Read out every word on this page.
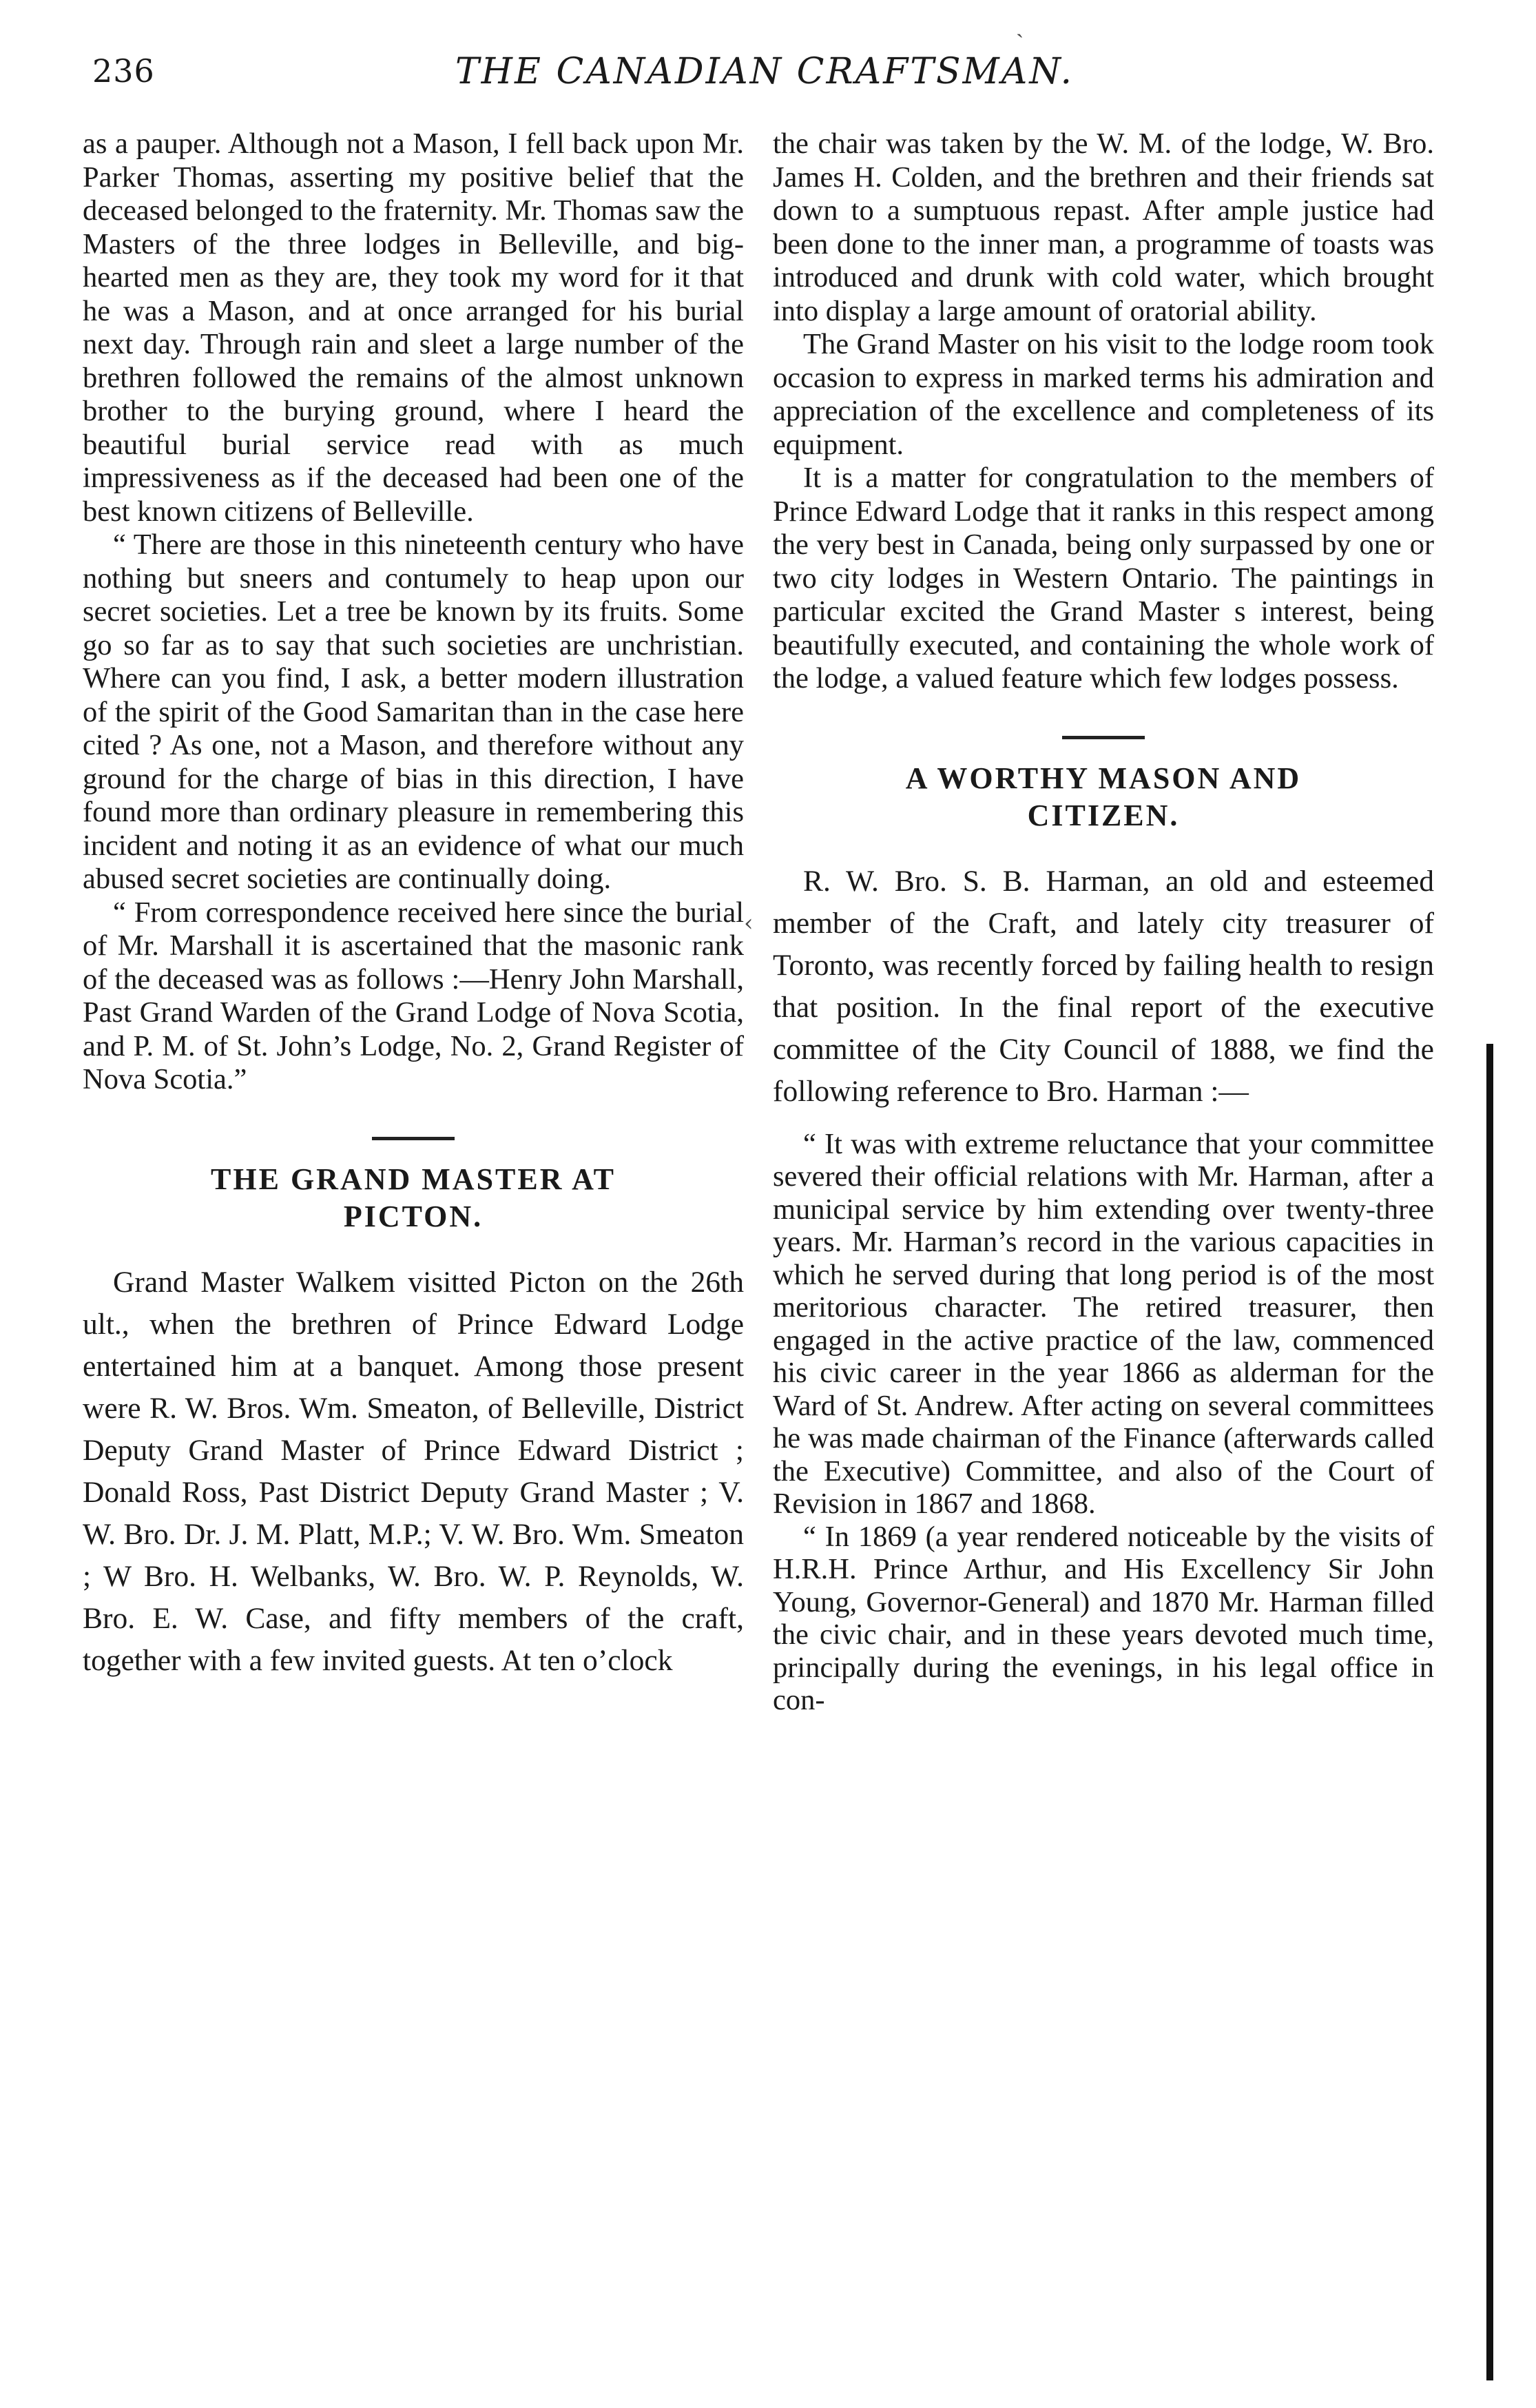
ˎ
236	THE CANADIAN CRAFTSMAN.

as a pauper. Although not a Mason, I fell back upon Mr. Parker Thomas, asserting my positive belief that the deceased belonged to the fraternity. Mr. Thomas saw the Masters of the three lodges in Belleville, and big-hearted men as they are, they took my word for it that he was a Mason, and at once arranged for his burial next day. Through rain and sleet a large number of the brethren followed the remains of the almost unknown brother to the burying ground, where I heard the beautiful burial service read with as much impressiveness as if the deceased had been one of the best known citizens of Belleville.

“ There are those in this nineteenth century who have nothing but sneers and contumely to heap upon our secret societies. Let a tree be known by its fruits. Some go so far as to say that such societies are unchristian. Where can you find, I ask, a better modern illustration of the spirit of the Good Samaritan than in the case here cited ? As one, not a Mason, and therefore without any ground for the charge of bias in this direction, I have found more than ordinary pleasure in remembering this incident and noting it as an evidence of what our much abused secret societies are continually doing.

“ From correspondence received here since the burial of Mr. Marshall it is ascertained that the masonic rank of the deceased was as follows :—Henry John Marshall, Past Grand Warden of the Grand Lodge of Nova Scotia, and P. M. of St. John’s Lodge, No. 2, Grand Register of Nova Scotia.”

THE GRAND MASTER AT
PICTON.

Grand Master Walkem visitted Picton on the 26th ult., when the brethren of Prince Edward Lodge entertained him at a banquet. Among those present were R. W. Bros. Wm. Smeaton, of Belleville, District Deputy Grand Master of Prince Edward District ; Donald Ross, Past District Deputy Grand Master ; V. W. Bro. Dr. J. M. Platt, M.P.; V. W. Bro. Wm. Smeaton ; W Bro. H. Welbanks, W. Bro. W. P. Reynolds, W. Bro. E. W. Case, and fifty members of the craft, together with a few invited guests. At ten o’clock

‹

the chair was taken by the W. M. of the lodge, W. Bro. James H. Colden, and the brethren and their friends sat down to a sumptuous repast. After ample justice had been done to the inner man, a programme of toasts was introduced and drunk with cold water, which brought into display a large amount of oratorial ability.

The Grand Master on his visit to the lodge room took occasion to express in marked terms his admiration and appreciation of the excellence and completeness of its equipment.

It is a matter for congratulation to the members of Prince Edward Lodge that it ranks in this respect among the very best in Canada, being only surpassed by one or two city lodges in Western Ontario. The paintings in particular excited the Grand Master s interest, being beautifully executed, and containing the whole work of the lodge, a valued feature which few lodges possess.

A WORTHY MASON AND
CITIZEN.

R. W. Bro. S. B. Harman, an old and esteemed member of the Craft, and lately city treasurer of Toronto, was recently forced by failing health to resign that position. In the final report of the executive committee of the City Council of 1888, we find the following reference to Bro. Harman :—

“ It was with extreme reluctance that your committee severed their official relations with Mr. Harman, after a municipal service by him extending over twenty-three years. Mr. Harman’s record in the various capacities in which he served during that long period is of the most meritorious character. The retired treasurer, then engaged in the active practice of the law, commenced his civic career in the year 1866 as alderman for the Ward of St. Andrew. After acting on several committees he was made chairman of the Finance (afterwards called the Executive) Committee, and also of the Court of Revision in 1867 and 1868.

“ In 1869 (a year rendered noticeable by the visits of H.R.H. Prince Arthur, and His Excellency Sir John Young, Governor-General) and 1870 Mr. Harman filled the civic chair, and in these years devoted much time, principally during the evenings, in his legal office in con-
